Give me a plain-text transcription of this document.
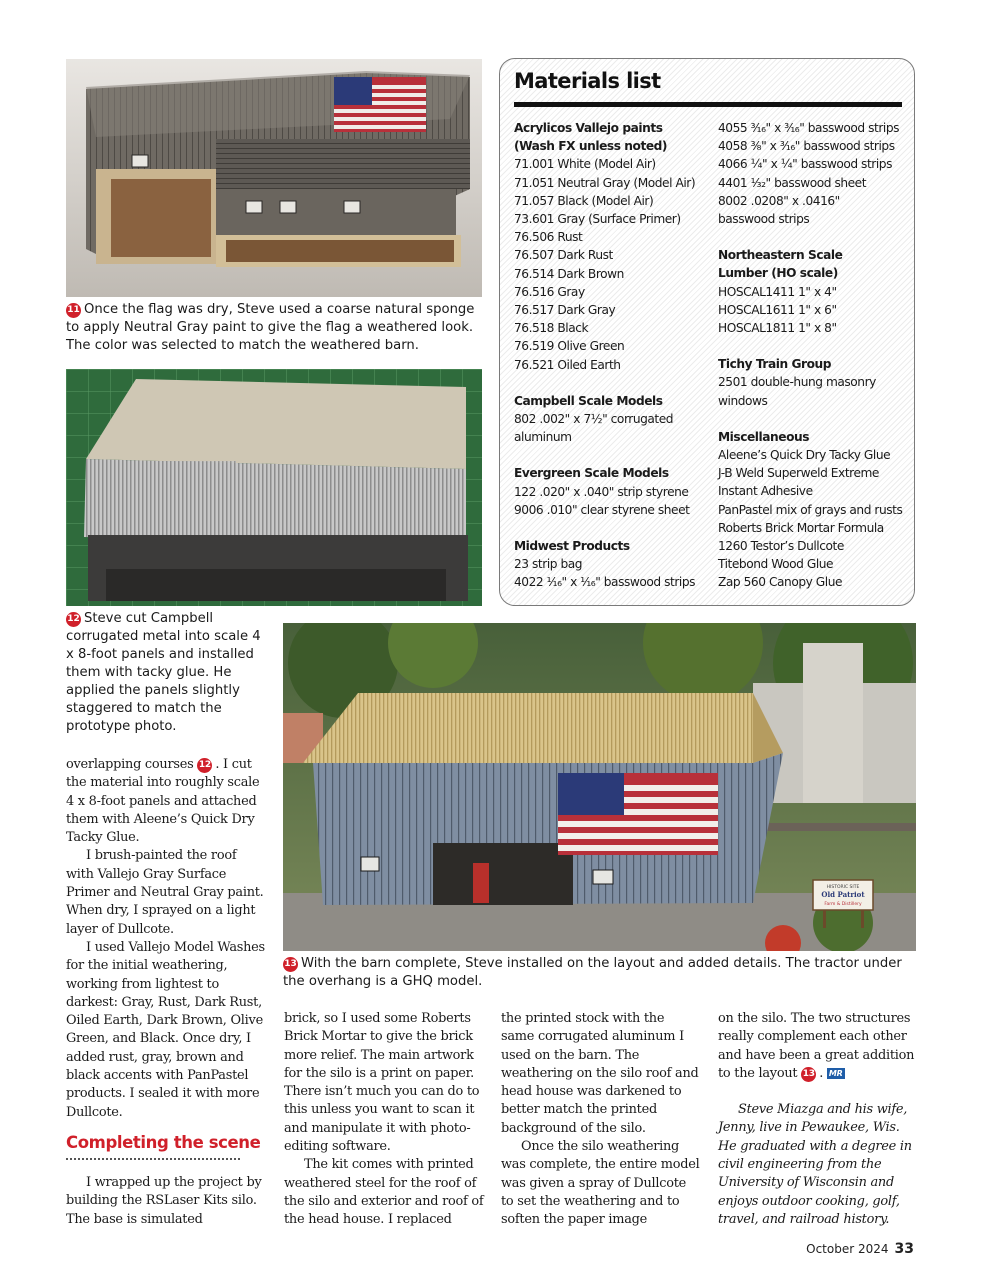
11 Once the flag was dry, Steve used a coarse natural sponge to apply Neutral Gray paint to give the flag a weathered look. The color was selected to match the weathered barn.
12 Steve cut Campbell corrugated metal into scale 4 x 8-foot panels and installed them with tacky glue. He applied the panels slightly staggered to match the prototype photo.
Materials list
Acrylicos Vallejo paints
(Wash FX unless noted)
71.001 White (Model Air)
71.051 Neutral Gray (Model Air)
71.057 Black (Model Air)
73.601 Gray (Surface Primer)
76.506 Rust
76.507 Dark Rust
76.514 Dark Brown
76.516 Gray
76.517 Dark Gray
76.518 Black
76.519 Olive Green
76.521 Oiled Earth
Campbell Scale Models
802 .002" x 7½" corrugated
aluminum
Evergreen Scale Models
122 .020" x .040" strip styrene
9006 .010" clear styrene sheet
Midwest Products
23 strip bag
4022 ¹⁄₁₆" x ¹⁄₁₆" basswood strips
4055 ³⁄₁₆" x ³⁄₁₆" basswood strips
4058 ³⁄₈" x ³⁄₁₆" basswood strips
4066 ¼" x ¼" basswood strips
4401 ¹⁄₃₂" basswood sheet
8002 .0208" x .0416"
basswood strips
Northeastern Scale
Lumber (HO scale)
HOSCAL1411 1" x 4"
HOSCAL1611 1" x 6"
HOSCAL1811 1" x 8"
Tichy Train Group
2501 double-hung masonry
windows
Miscellaneous
Aleene’s Quick Dry Tacky Glue
J-B Weld Superweld Extreme
Instant Adhesive
PanPastel mix of grays and rusts
Roberts Brick Mortar Formula
1260 Testor’s Dullcote
Titebond Wood Glue
Zap 560 Canopy Glue
HISTORIC SITE
Old Patriot
Farm & Distillery
13 With the barn complete, Steve installed on the layout and added details. The tractor under the overhang is a GHQ model.

overlapping courses 12 . I cut the material into roughly scale 4 x 8-foot panels and attached them with Aleene’s Quick Dry Tacky Glue.

I brush-painted the roof with Vallejo Gray Surface Primer and Neutral Gray paint. When dry, I sprayed on a light layer of Dullcote.

I used Vallejo Model Washes for the initial weathering, working from lightest to darkest: Gray, Rust, Dark Rust, Oiled Earth, Dark Brown, Olive Green, and Black. Once dry, I added rust, gray, brown and black accents with PanPastel products. I sealed it with more Dullcote.

Completing the scene

I wrapped up the project by building the RSLaser Kits silo. The base is simulated

brick, so I used some Roberts Brick Mortar to give the brick more relief. The main artwork for the silo is a print on paper. There isn’t much you can do to this unless you want to scan it and manipulate it with photo-editing software.

The kit comes with printed weathered steel for the roof of the silo and exterior and roof of the head house. I replaced

the printed stock with the same corrugated aluminum I used on the barn. The weathering on the silo roof and head house was darkened to better match the printed background of the silo.

Once the silo weathering was complete, the entire model was given a spray of Dullcote to set the weathering and to soften the paper image

on the silo. The two structures really complement each other and have been a great addition to the layout 13 . MR

Steve Miazga and his wife, Jenny, live in Pewaukee, Wis. He graduated with a degree in civil engineering from the University of Wisconsin and enjoys outdoor cooking, golf, travel, and railroad history.

October 2024 33
